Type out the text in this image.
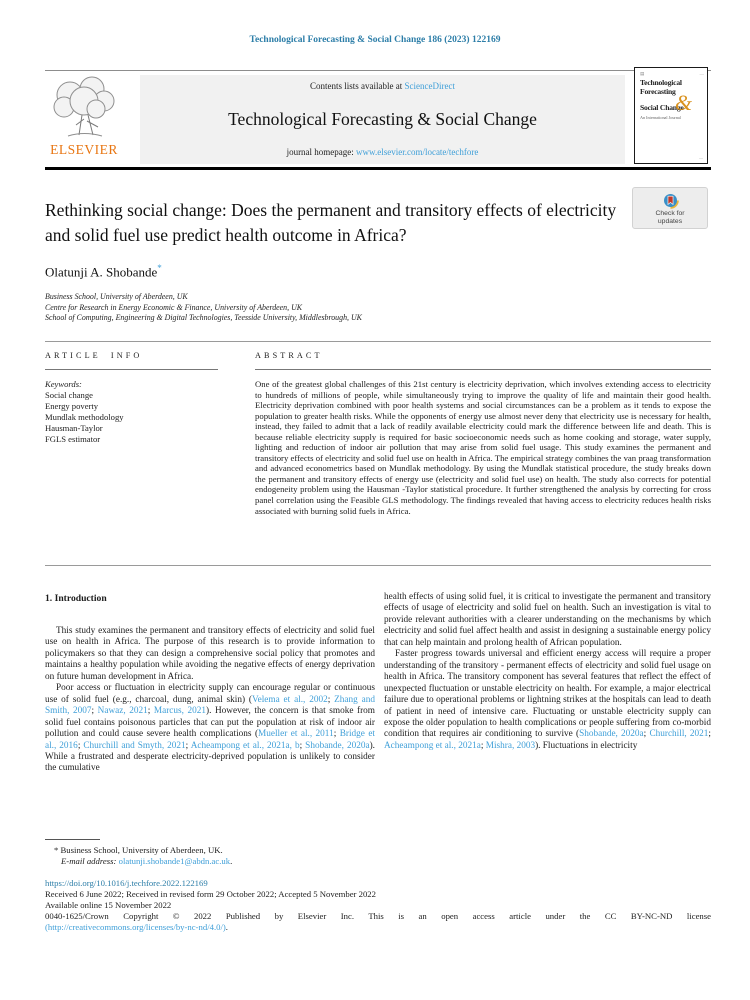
Technological Forecasting & Social Change 186 (2023) 122169
ELSEVIER
Contents lists available at ScienceDirect
Technological Forecasting & Social Change
journal homepage: www.elsevier.com/locate/techfore
▤	—
Technological
Forecasting &
Social Change
An International Journal
—
Rethinking social change: Does the permanent and transitory effects of electricity and solid fuel use predict health outcome in Africa?
Check for
updates
Olatunji A. Shobande*
Business School, University of Aberdeen, UK
Centre for Research in Energy Economic & Finance, University of Aberdeen, UK
School of Computing, Engineering & Digital Technologies, Teesside University, Middlesbrough, UK
ARTICLE INFO
Keywords:
Social change
Energy poverty
Mundlak methodology
Hausman-Taylor
FGLS estimator
ABSTRACT
One of the greatest global challenges of this 21st century is electricity deprivation, which involves extending access to electricity to hundreds of millions of people, while simultaneously trying to improve the quality of life and maintain their good health. Electricity deprivation combined with poor health systems and social circumstances can be a problem as it tends to expose the population to greater health risks. While the opponents of energy use almost never deny that electricity use is necessary for health, instead, they failed to admit that a lack of readily available electricity could mark the difference between life and death. This is because reliable electricity supply is required for basic socioeconomic needs such as home cooking and storage, water supply, lighting and reduction of indoor air pollution that may arise from solid fuel usage. This study examines the permanent and transitory effects of electricity and solid fuel use on health in Africa. The empirical strategy combines the van praag transformation and advanced econometrics based on Mundlak methodology. By using the Mundlak statistical procedure, the study breaks down the permanent and transitory effects of energy use (electricity and solid fuel use) on health. The study also corrects for potential endogeneity problem using the Hausman -Taylor statistical procedure. It further strengthened the analysis by correcting for cross panel correlation using the Feasible GLS methodology. The findings revealed that having access to electricity reduces health risks associated with burning solid fuels in Africa.
1. Introduction

This study examines the permanent and transitory effects of electricity and solid fuel use on health in Africa. The purpose of this research is to provide information to policymakers so that they can design a comprehensive social policy that promotes and maintains a healthy population while avoiding the negative effects of energy deprivation on future human development in Africa.

Poor access or fluctuation in electricity supply can encourage regular or continuous use of solid fuel (e.g., charcoal, dung, animal skin) (Velema et al., 2002; Zhang and Smith, 2007; Nawaz, 2021; Marcus, 2021). However, the concern is that smoke from solid fuel contains poisonous particles that can put the population at risk of indoor air pollution and could cause severe health complications (Mueller et al., 2011; Bridge et al., 2016; Churchill and Smyth, 2021; Acheampong et al., 2021a, b; Shobande, 2020a). While a frustrated and desperate electricity-deprived population is unlikely to consider the cumulative

health effects of using solid fuel, it is critical to investigate the permanent and transitory effects of usage of electricity and solid fuel on health. Such an investigation is vital to provide relevant authorities with a clearer understanding on the mechanisms by which electricity and solid fuel affect health and assist in designing a sustainable energy policy that can help maintain and prolong health of African population.

Faster progress towards universal and efficient energy access will require a proper understanding of the transitory - permanent effects of electricity and solid fuel usage on health in Africa. The transitory component has several features that reflect the effect of unexpected fluctuation or unstable electricity on health. For example, a major electrical failure due to operational problems or lightning strikes at the hospitals can lead to death of patient in need of intensive care. Fluctuating or unstable electricity supply can expose the older population to health complications or people suffering from co-morbid condition that requires air conditioning to survive (Shobande, 2020a; Churchill, 2021; Acheampong et al., 2021a; Mishra, 2003). Fluctuations in electricity

* Business School, University of Aberdeen, UK.
E-mail address: olatunji.shobande1@abdn.ac.uk.
https://doi.org/10.1016/j.techfore.2022.122169
Received 6 June 2022; Received in revised form 29 October 2022; Accepted 5 November 2022
Available online 15 November 2022
0040-1625/Crown Copyright © 2022 Published by Elsevier Inc. This is an open access article under the CC BY-NC-ND license
(http://creativecommons.org/licenses/by-nc-nd/4.0/).
